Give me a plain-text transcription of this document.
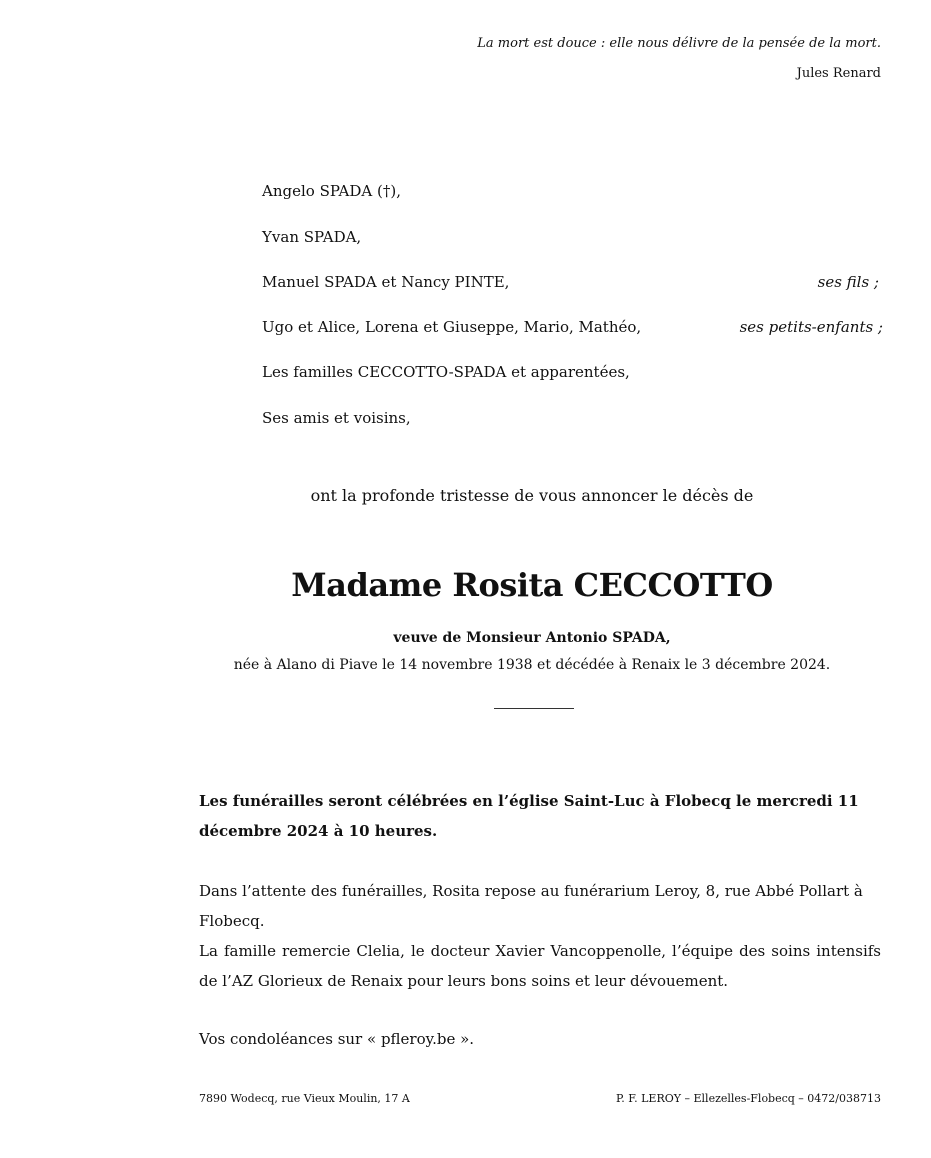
La mort est douce : elle nous délivre de la pensée de la mort.
Jules Renard
Angelo SPADA (†),
Yvan SPADA,
Manuel SPADA et Nancy PINTE,	ses fils ;
Ugo et Alice, Lorena et Giuseppe, Mario, Mathéo,	ses petits-enfants ;
Les familles CECCOTTO-SPADA et apparentées,
Ses amis et voisins,
ont la profonde tristesse de vous annoncer le décès de
Madame Rosita CECCOTTO
veuve de Monsieur Antonio SPADA,
née à Alano di Piave le 14 novembre 1938 et décédée à Renaix le 3 décembre 2024.
Les funérailles seront célébrées en l’église Saint-Luc à Flobecq le mercredi 11 décembre 2024 à 10 heures.
Dans l’attente des funérailles, Rosita repose au funérarium Leroy, 8, rue Abbé Pollart à Flobecq.
La famille remercie Clelia, le docteur Xavier Vancoppenolle, l’équipe des soins intensifs de l’AZ Glorieux de Renaix pour leurs bons soins et leur dévouement.
Vos condoléances sur « pfleroy.be ».
7890 Wodecq, rue Vieux Moulin, 17 A	P. F. LEROY – Ellezelles-Flobecq – 0472/038713
